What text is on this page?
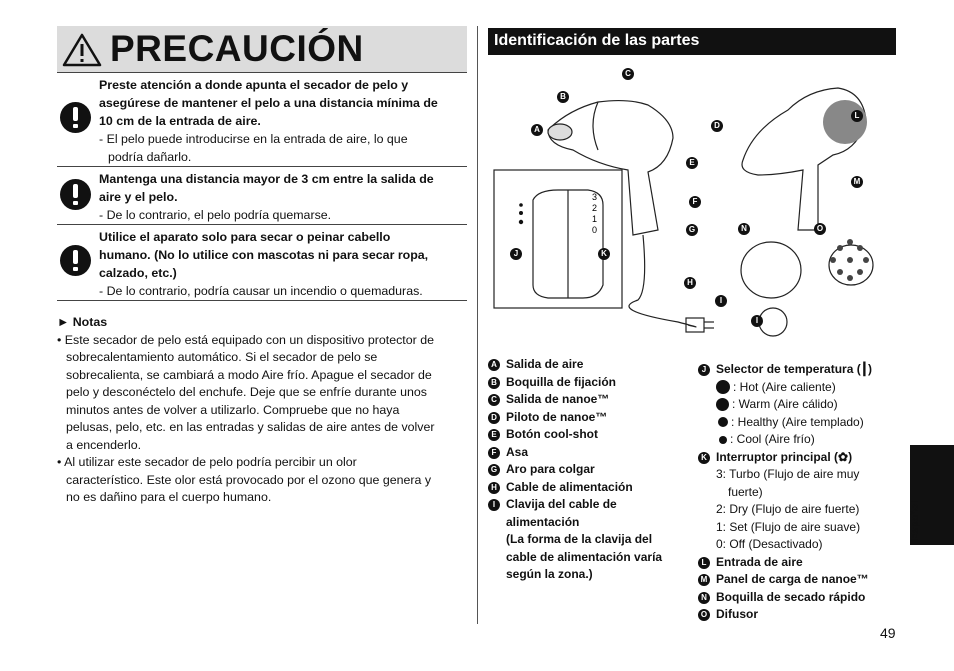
PRECAUCIÓN
Preste atención a donde apunta el secador de pelo y
asegúrese de mantener el pelo a una distancia mínima de
10 cm de la entrada de aire.
- El pelo puede introducirse en la entrada de aire, lo que
podría dañarlo.
Mantenga una distancia mayor de 3 cm entre la salida de
aire y el pelo.
- De lo contrario, el pelo podría quemarse.
Utilice el aparato solo para secar o peinar cabello
humano. (No lo utilice con mascotas ni para secar ropa,
calzado, etc.)
- De lo contrario, podría causar un incendio o quemaduras.
► Notas
• Este secador de pelo está equipado con un dispositivo protector de
sobrecalentamiento automático. Si el secador de pelo se
sobrecalienta, se cambiará a modo Aire frío. Apague el secador de
pelo y desconéctelo del enchufe. Deje que se enfríe durante unos
minutos antes de volver a utilizarlo. Compruebe que no haya
pelusas, pelo, etc. en las entradas y salidas de aire antes de volver
a encenderlo.
• Al utilizar este secador de pelo podría percibir un olor
característico. Este olor está provocado por el ozono que genera y
no es dañino para el cuerpo humano.
Identificación de las partes
3
2
1
0
A
B
C
D
E
F
G
H
I
J	K
L
M
N	O
I
A Salida de aire
B Boquilla de fijación
C Salida de nanoe™
D Piloto de nanoe™
E Botón cool-shot
F Asa
G Aro para colgar
H Cable de alimentación
I Clavija del cable de
alimentación
(La forma de la clavija del
cable de alimentación varía
según la zona.)
J Selector de temperatura (┃)
: Hot (Aire caliente)
: Warm (Aire cálido)
: Healthy (Aire templado)
: Cool (Aire frío)
K Interruptor principal (✿)
3: Turbo (Flujo de aire muy
fuerte)
2: Dry (Flujo de aire fuerte)
1: Set (Flujo de aire suave)
0: Off (Desactivado)
L Entrada de aire
M Panel de carga de nanoe™
N Boquilla de secado rápido
O Difusor
Español
49
